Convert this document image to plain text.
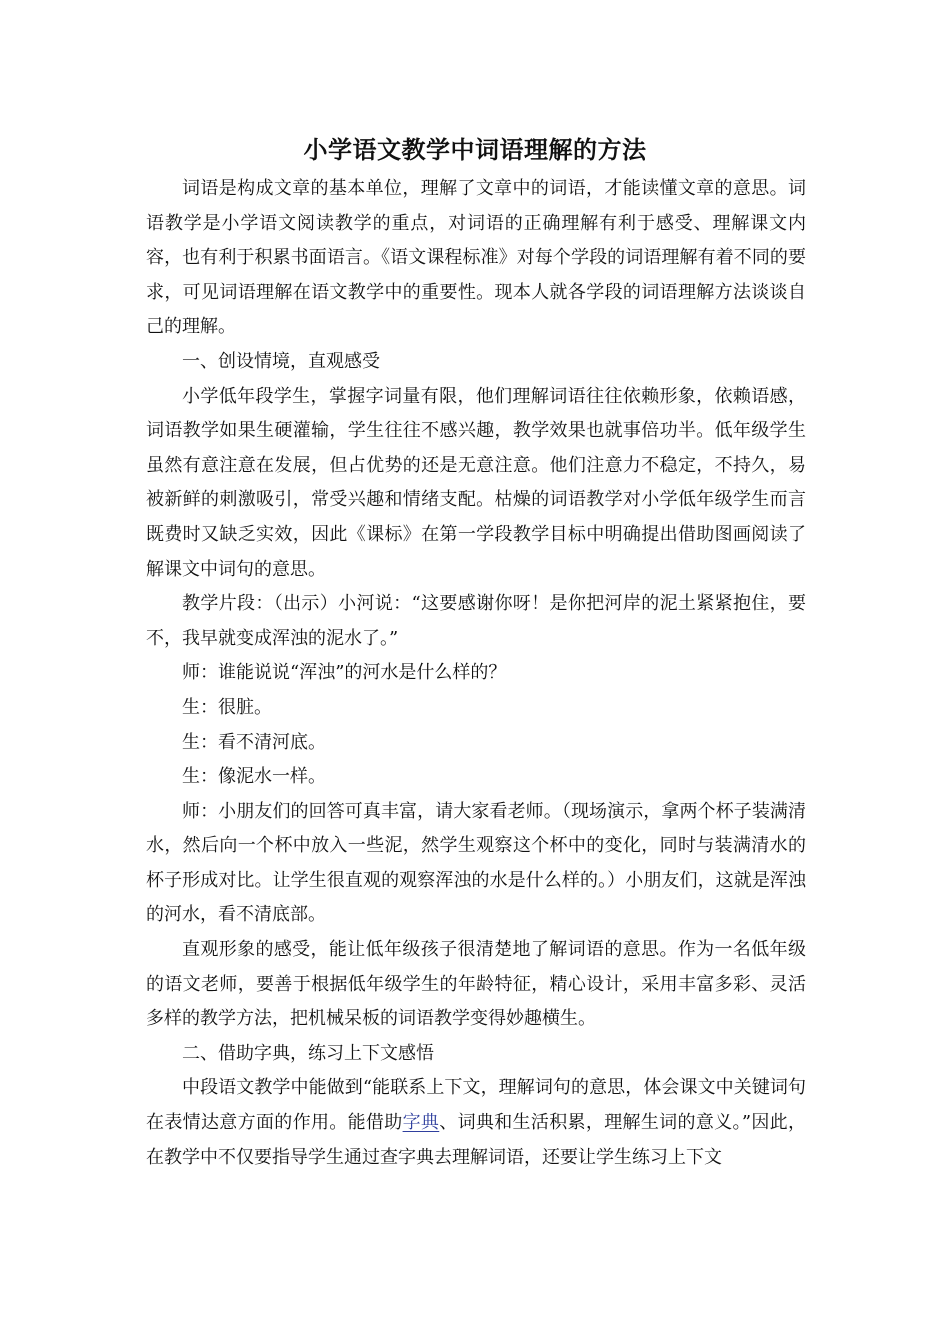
小学语文教学中词语理解的方法

词语是构成文章的基本单位，理解了文章中的词语，才能读懂文章的意思。词语教学是小学语文阅读教学的重点，对词语的正确理解有利于感受、理解课文内容，也有利于积累书面语言。《语文课程标准》对每个学段的词语理解有着不同的要求，可见词语理解在语文教学中的重要性。现本人就各学段的词语理解方法谈谈自己的理解。

一、创设情境，直观感受

小学低年段学生，掌握字词量有限，他们理解词语往往依赖形象，依赖语感，词语教学如果生硬灌输，学生往往不感兴趣，教学效果也就事倍功半。低年级学生虽然有意注意在发展，但占优势的还是无意注意。他们注意力不稳定，不持久，易被新鲜的刺激吸引，常受兴趣和情绪支配。枯燥的词语教学对小学低年级学生而言既费时又缺乏实效，因此《课标》在第一学段教学目标中明确提出借助图画阅读了解课文中词句的意思。

教学片段：（出示）小河说：“这要感谢你呀！是你把河岸的泥土紧紧抱住，要不，我早就变成浑浊的泥水了。”

师：谁能说说“浑浊”的河水是什么样的？

生：很脏。

生：看不清河底。

生：像泥水一样。

师：小朋友们的回答可真丰富，请大家看老师。（现场演示，拿两个杯子装满清水，然后向一个杯中放入一些泥，然学生观察这个杯中的变化，同时与装满清水的杯子形成对比。让学生很直观的观察浑浊的水是什么样的。）小朋友们，这就是浑浊的河水，看不清底部。

直观形象的感受，能让低年级孩子很清楚地了解词语的意思。作为一名低年级的语文老师，要善于根据低年级学生的年龄特征，精心设计，采用丰富多彩、灵活多样的教学方法，把机械呆板的词语教学变得妙趣横生。

二、借助字典，练习上下文感悟

中段语文教学中能做到“能联系上下文，理解词句的意思，体会课文中关键词句在表情达意方面的作用。能借助字典、词典和生活积累，理解生词的意义。”因此，在教学中不仅要指导学生通过查字典去理解词语，还要让学生练习上下文
